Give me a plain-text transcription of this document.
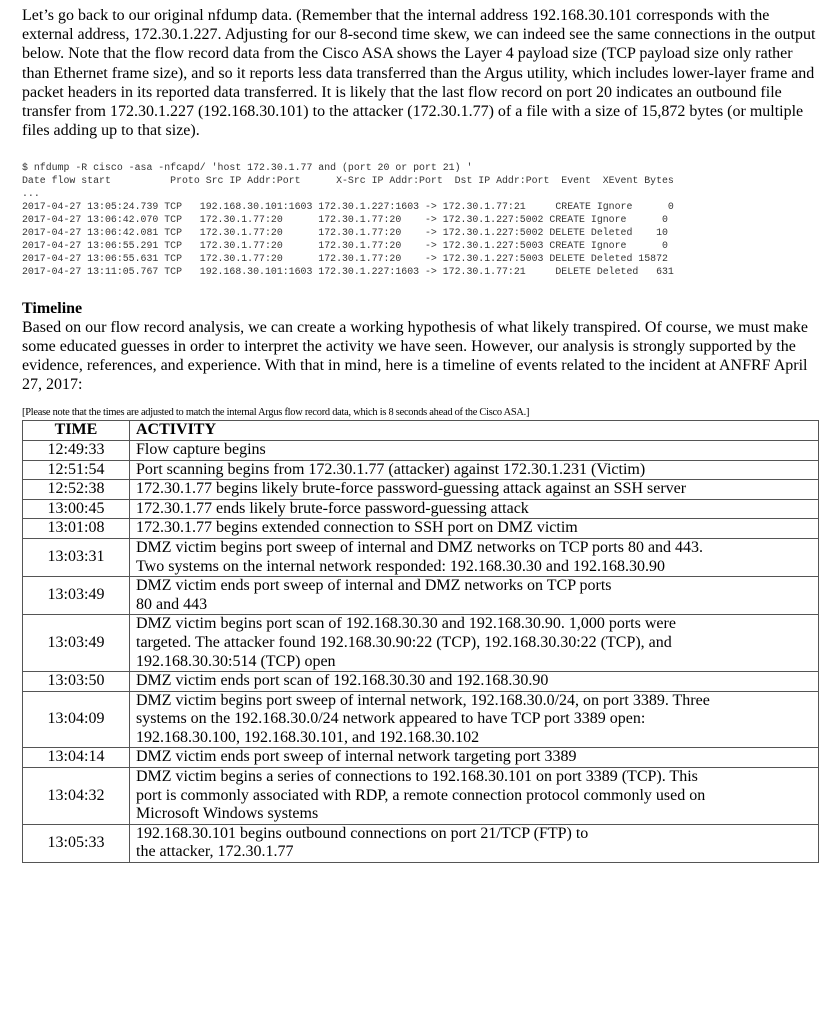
Let’s go back to our original nfdump data. (Remember that the internal address 192.168.30.101 corresponds with the external address, 172.30.1.227. Adjusting for our 8-second time skew, we can indeed see the same connections in the output below. Note that the flow record data from the Cisco ASA shows the Layer 4 payload size (TCP payload size only rather than Ethernet frame size), and so it reports less data transferred than the Argus utility, which includes lower-layer frame and packet headers in its reported data transferred. It is likely that the last flow record on port 20 indicates an outbound file transfer from 172.30.1.227 (192.168.30.101) to the attacker (172.30.1.77) of a file with a size of 15,872 bytes (or multiple files adding up to that size).

$ nfdump -R cisco -asa -nfcapd/ 'host 172.30.1.77 and (port 20 or port 21) '
Date flow start          Proto Src IP Addr:Port      X-Src IP Addr:Port  Dst IP Addr:Port  Event  XEvent Bytes
...
2017-04-27 13:05:24.739 TCP   192.168.30.101:1603 172.30.1.227:1603 -> 172.30.1.77:21     CREATE Ignore      0
2017-04-27 13:06:42.070 TCP   172.30.1.77:20      172.30.1.77:20    -> 172.30.1.227:5002 CREATE Ignore      0
2017-04-27 13:06:42.081 TCP   172.30.1.77:20      172.30.1.77:20    -> 172.30.1.227:5002 DELETE Deleted    10
2017-04-27 13:06:55.291 TCP   172.30.1.77:20      172.30.1.77:20    -> 172.30.1.227:5003 CREATE Ignore      0
2017-04-27 13:06:55.631 TCP   172.30.1.77:20      172.30.1.77:20    -> 172.30.1.227:5003 DELETE Deleted 15872
2017-04-27 13:11:05.767 TCP   192.168.30.101:1603 172.30.1.227:1603 -> 172.30.1.77:21     DELETE Deleted   631
Timeline

Based on our flow record analysis, we can create a working hypothesis of what likely transpired. Of course, we must make some educated guesses in order to interpret the activity we have seen. However, our analysis is strongly supported by the evidence, references, and experience. With that in mind, here is a timeline of events related to the incident at ANFRF April 27, 2017:

[Please note that the times are adjusted to match the internal Argus flow record data, which is 8 seconds ahead of the Cisco ASA.]
TIME	ACTIVITY
12:49:33	Flow capture begins
12:51:54	Port scanning begins from 172.30.1.77 (attacker) against 172.30.1.231 (Victim)
12:52:38	172.30.1.77 begins likely brute-force password-guessing attack against an SSH server
13:00:45	172.30.1.77 ends likely brute-force password-guessing attack
13:01:08	172.30.1.77 begins extended connection to SSH port on DMZ victim
13:03:31	DMZ victim begins port sweep of internal and DMZ networks on TCP ports 80 and 443.
Two systems on the internal network responded: 192.168.30.30 and 192.168.30.90
13:03:49	DMZ victim ends port sweep of internal and DMZ networks on TCP ports
80 and 443
13:03:49	DMZ victim begins port scan of 192.168.30.30 and 192.168.30.90. 1,000 ports were
targeted. The attacker found 192.168.30.90:22 (TCP), 192.168.30.30:22 (TCP), and
192.168.30.30:514 (TCP) open
13:03:50	DMZ victim ends port scan of 192.168.30.30 and 192.168.30.90
13:04:09	DMZ victim begins port sweep of internal network, 192.168.30.0/24, on port 3389. Three
systems on the 192.168.30.0/24 network appeared to have TCP port 3389 open:
192.168.30.100, 192.168.30.101, and 192.168.30.102
13:04:14	DMZ victim ends port sweep of internal network targeting port 3389
13:04:32	DMZ victim begins a series of connections to 192.168.30.101 on port 3389 (TCP). This
port is commonly associated with RDP, a remote connection protocol commonly used on
Microsoft Windows systems
13:05:33	192.168.30.101 begins outbound connections on port 21/TCP (FTP) to
the attacker, 172.30.1.77
